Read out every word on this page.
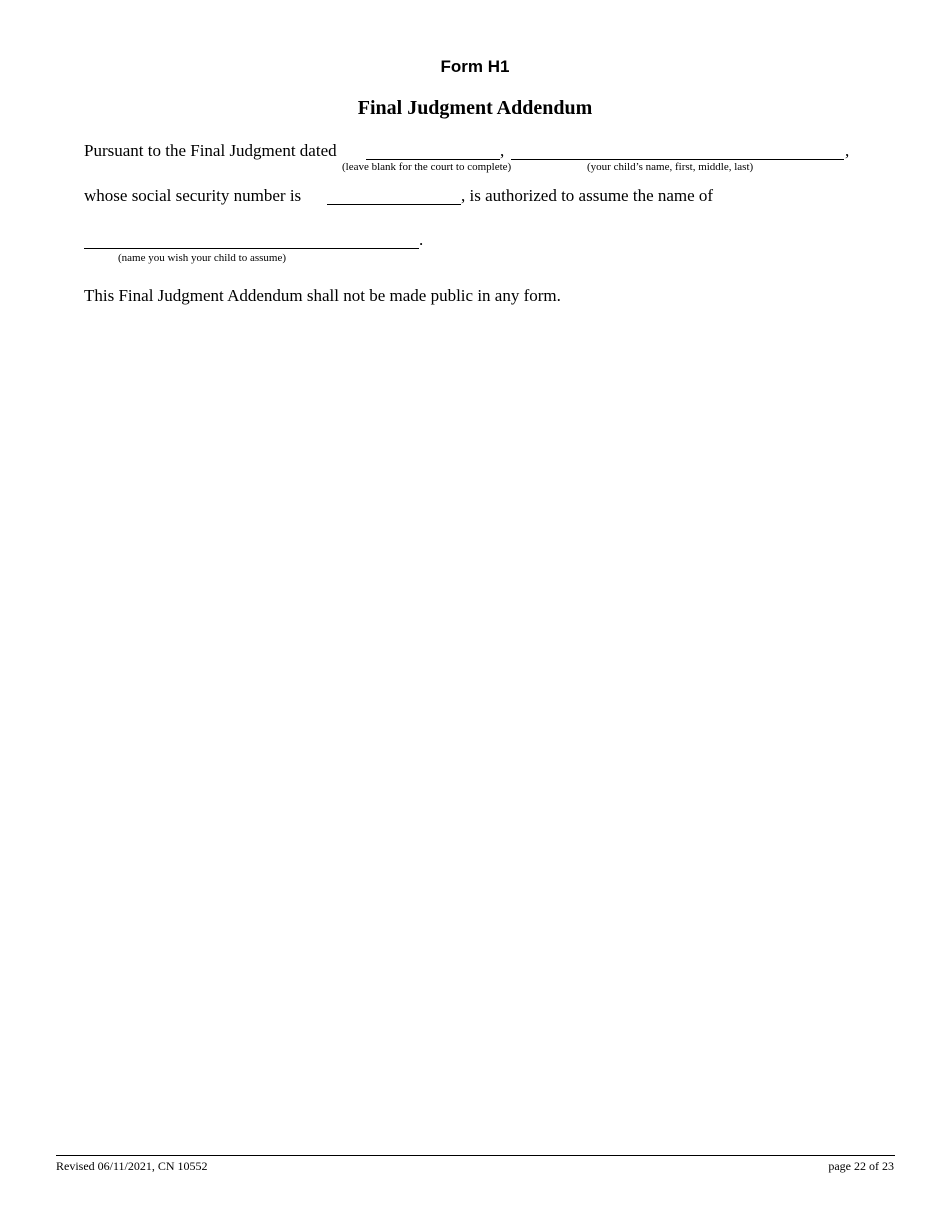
Form H1
Final Judgment Addendum
Pursuant to the Final Judgment dated	,	,
(leave blank for the court to complete)	(your child’s name, first, middle, last)
whose social security number is	, is authorized to assume the name of
.
(name you wish your child to assume)
This Final Judgment Addendum shall not be made public in any form.
Revised 06/11/2021, CN 10552	page 22 of 23
